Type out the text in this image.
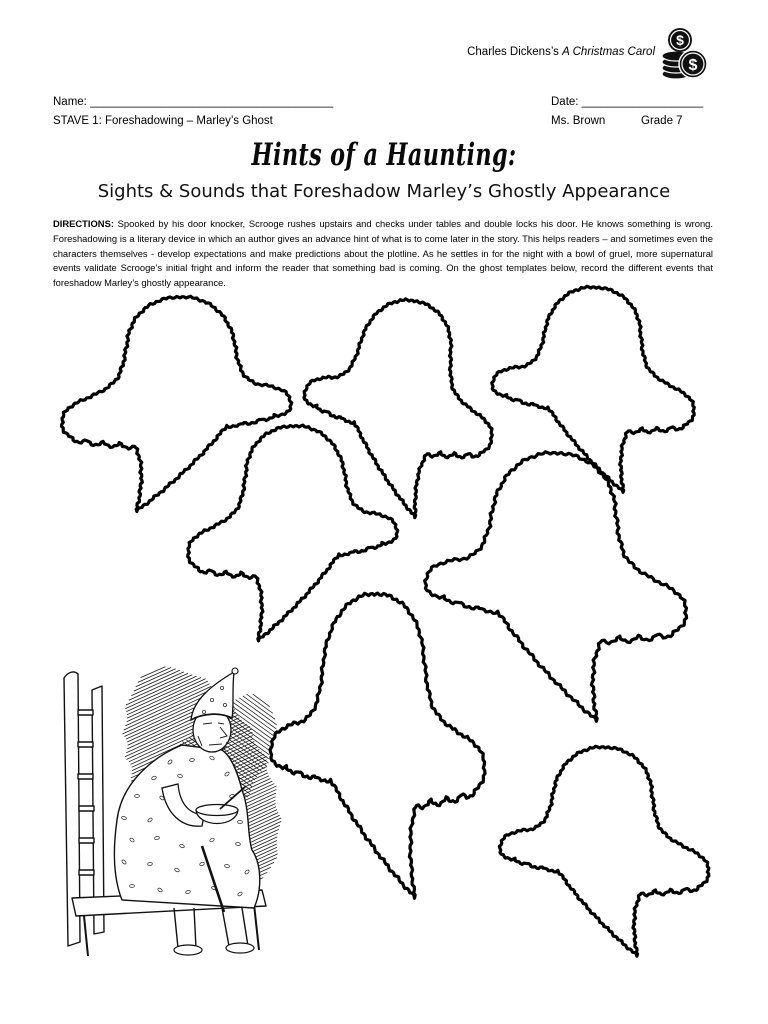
Charles Dickens’s A Christmas Carol
$
$
Name: ______________________________________	Date: ___________________
STAVE 1: Foreshadowing – Marley’s Ghost	Ms. Brown	Grade 7
Hints of a Haunting:
Sights & Sounds that Foreshadow Marley’s Ghostly Appearance

DIRECTIONS: Spooked by his door knocker, Scrooge rushes upstairs and checks under tables and double locks his door. He knows something is wrong. Foreshadowing is a literary device in which an author gives an advance hint of what is to come later in the story. This helps readers – and sometimes even the characters themselves - develop expectations and make predictions about the plotline. As he settles in for the night with a bowl of gruel, more supernatural events validate Scrooge’s initial fright and inform the reader that something bad is coming. On the ghost templates below, record the different events that foreshadow Marley’s ghostly appearance.
